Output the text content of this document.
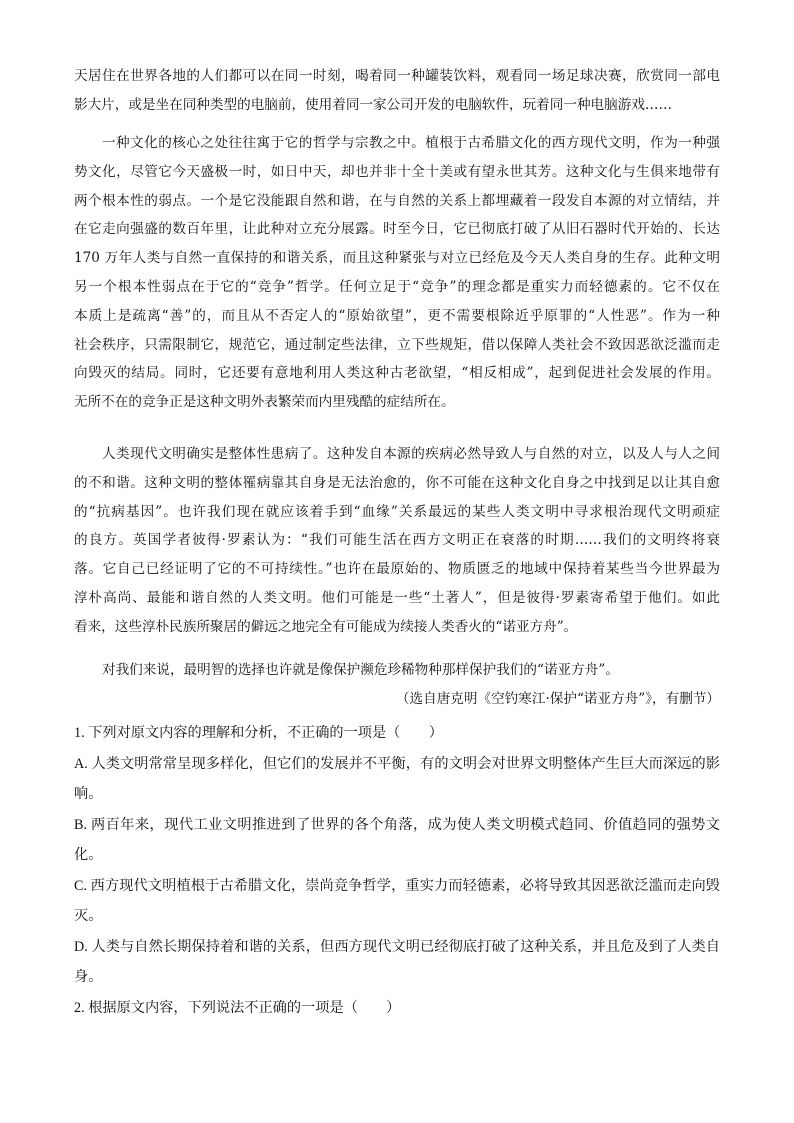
天居住在世界各地的人们都可以在同一时刻，喝着同一种罐装饮料，观看同一场足球决赛，欣赏同一部电
影大片，或是坐在同种类型的电脑前，使用着同一家公司开发的电脑软件，玩着同一种电脑游戏……
一种文化的核心之处往往寓于它的哲学与宗教之中。植根于古希腊文化的西方现代文明，作为一种强
势文化，尽管它今天盛极一时，如日中天，却也并非十全十美或有望永世其芳。这种文化与生俱来地带有
两个根本性的弱点。一个是它没能跟自然和谐，在与自然的关系上都埋藏着一段发自本源的对立情结，并
在它走向强盛的数百年里，让此种对立充分展露。时至今日，它已彻底打破了从旧石器时代开始的、长达
170 万年人类与自然一直保持的和谐关系，而且这种紧张与对立已经危及今天人类自身的生存。此种文明
另一个根本性弱点在于它的“竞争”哲学。任何立足于“竞争”的理念都是重实力而轻德素的。它不仅在
本质上是疏离“善”的，而且从不否定人的“原始欲望”，更不需要根除近乎原罪的“人性恶”。作为一种
社会秩序，只需限制它，规范它，通过制定些法律，立下些规矩，借以保障人类社会不致因恶欲泛滥而走
向毁灭的结局。同时，它还要有意地利用人类这种古老欲望，“相反相成”，起到促进社会发展的作用。
无所不在的竞争正是这种文明外表繁荣而内里残酷的症结所在。
人类现代文明确实是整体性患病了。这种发自本源的疾病必然导致人与自然的对立，以及人与人之间
的不和谐。这种文明的整体罹病靠其自身是无法治愈的，你不可能在这种文化自身之中找到足以让其自愈
的“抗病基因”。也许我们现在就应该着手到“血缘”关系最远的某些人类文明中寻求根治现代文明顽症
的良方。英国学者彼得·罗素认为：“我们可能生活在西方文明正在衰落的时期……我们的文明终将衰
落。它自己已经证明了它的不可持续性。”也许在最原始的、物质匮乏的地域中保持着某些当今世界最为
淳朴高尚、最能和谐自然的人类文明。他们可能是一些“土著人”，但是彼得·罗素寄希望于他们。如此
看来，这些淳朴民族所聚居的僻远之地完全有可能成为续接人类香火的“诺亚方舟”。
对我们来说，最明智的选择也许就是像保护濒危珍稀物种那样保护我们的“诺亚方舟”。
（选自唐克明《空钓寒江·保护“诺亚方舟”》，有删节）
1. 下列对原文内容的理解和分析，不正确的一项是（　　）
A. 人类文明常常呈现多样化，但它们的发展并不平衡，有的文明会对世界文明整体产生巨大而深远的影
响。
B. 两百年来，现代工业文明推进到了世界的各个角落，成为使人类文明模式趋同、价值趋同的强势文
化。
C. 西方现代文明植根于古希腊文化，崇尚竞争哲学，重实力而轻德素，必将导致其因恶欲泛滥而走向毁
灭。
D. 人类与自然长期保持着和谐的关系，但西方现代文明已经彻底打破了这种关系，并且危及到了人类自
身。
2. 根据原文内容，下列说法不正确的一项是（　　）
